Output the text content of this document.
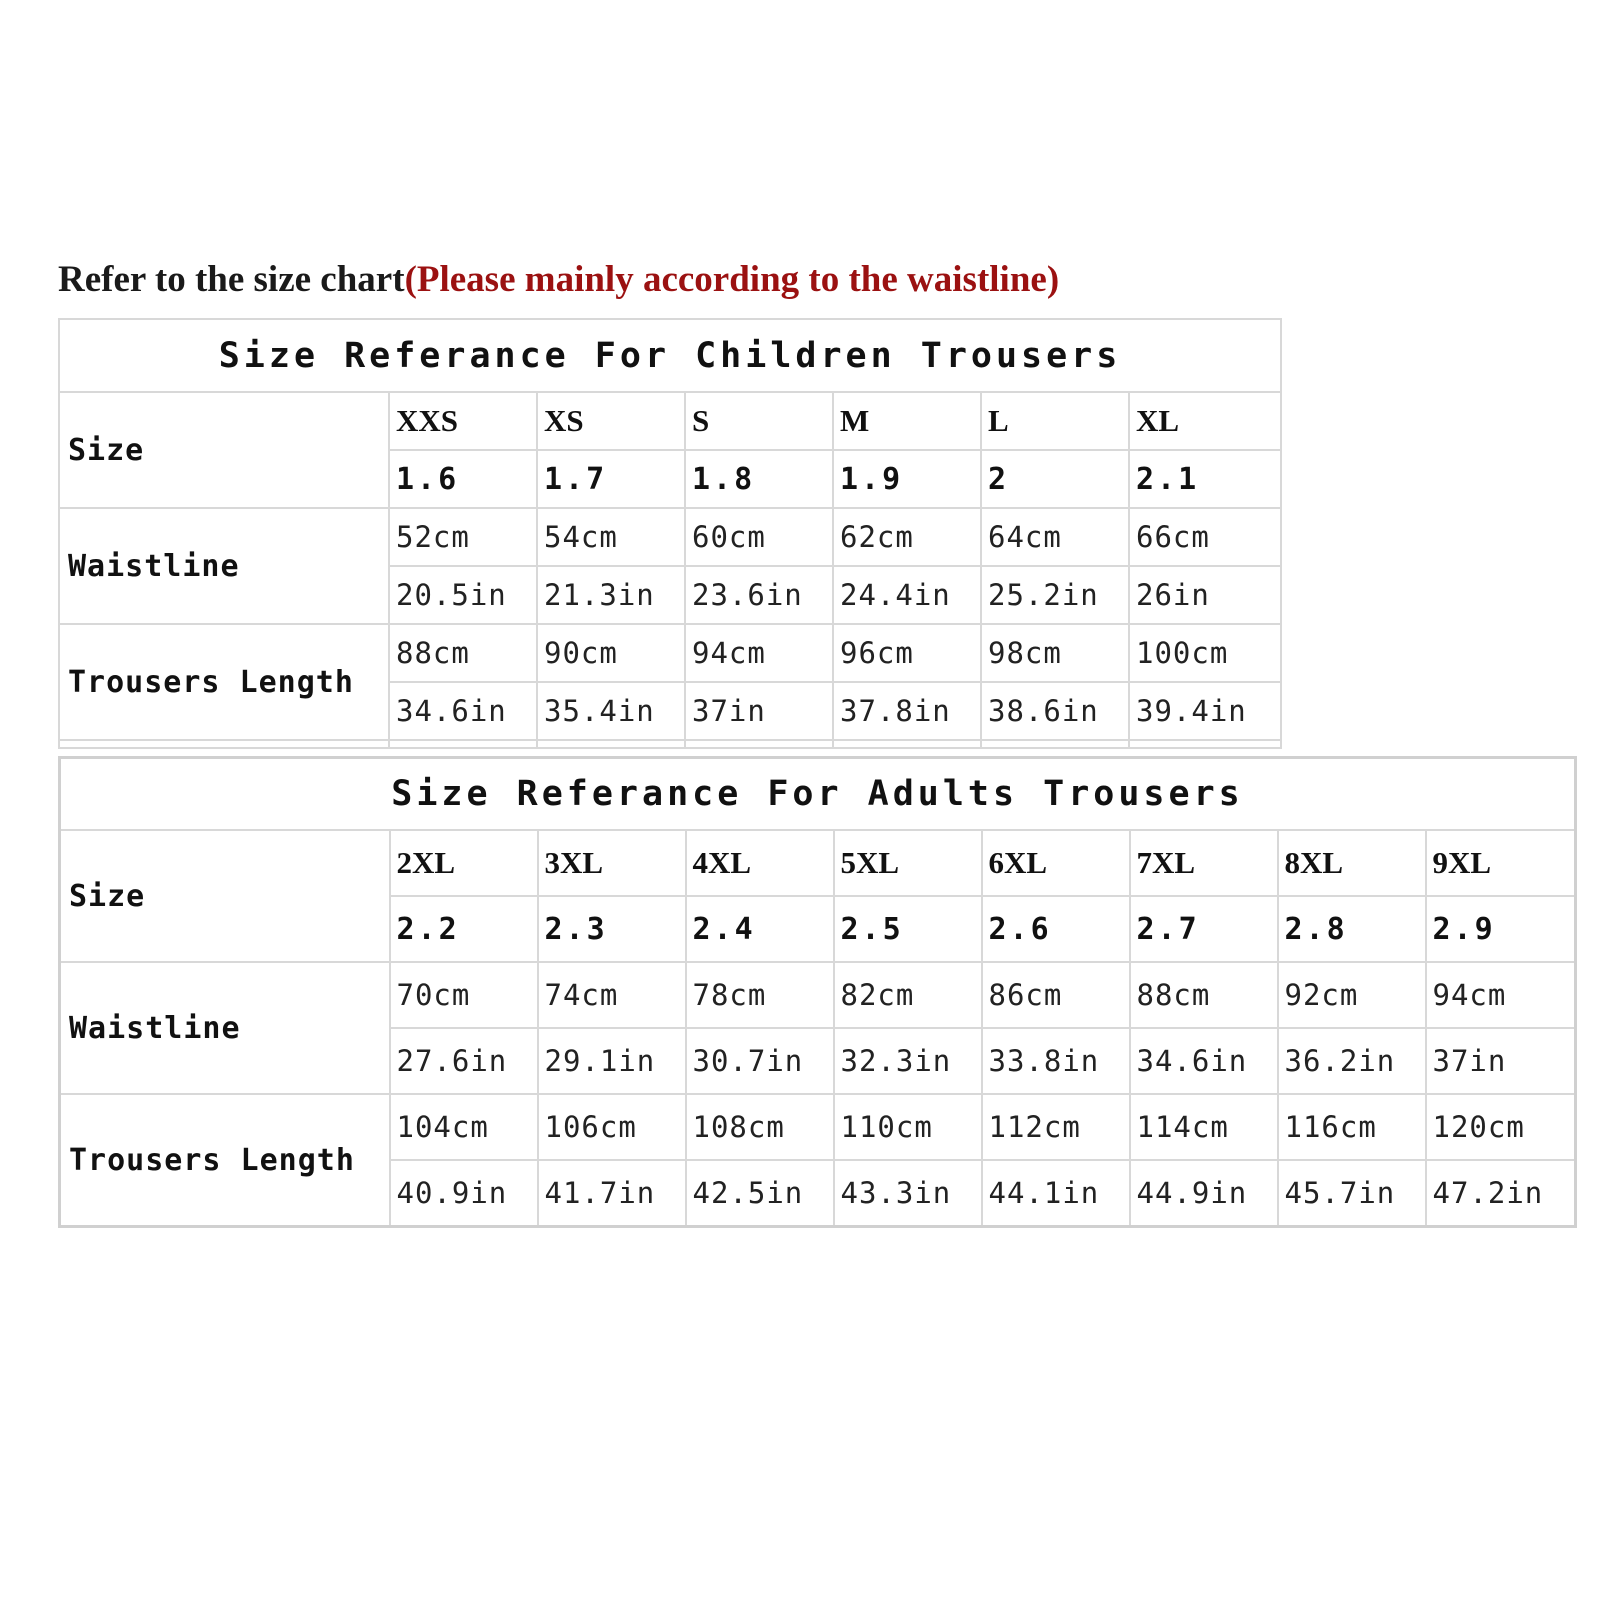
Refer to the size chart(Please mainly according to the waistline)
Size Referance For Children Trousers						
Size	XXS	XS	S	M	L	XL
	1.6	1.7	1.8	1.9	2	2.1
Waistline	52cm	54cm	60cm	62cm	64cm	66cm
	20.5in	21.3in	23.6in	24.4in	25.2in	26in
Trousers Length	88cm	90cm	94cm	96cm	98cm	100cm
	34.6in	35.4in	37in	37.8in	38.6in	39.4in

Size Referance For Adults Trousers								
Size	2XL	3XL	4XL	5XL	6XL	7XL	8XL	9XL
	2.2	2.3	2.4	2.5	2.6	2.7	2.8	2.9
Waistline	70cm	74cm	78cm	82cm	86cm	88cm	92cm	94cm
	27.6in	29.1in	30.7in	32.3in	33.8in	34.6in	36.2in	37in
Trousers Length	104cm	106cm	108cm	110cm	112cm	114cm	116cm	120cm
	40.9in	41.7in	42.5in	43.3in	44.1in	44.9in	45.7in	47.2in
